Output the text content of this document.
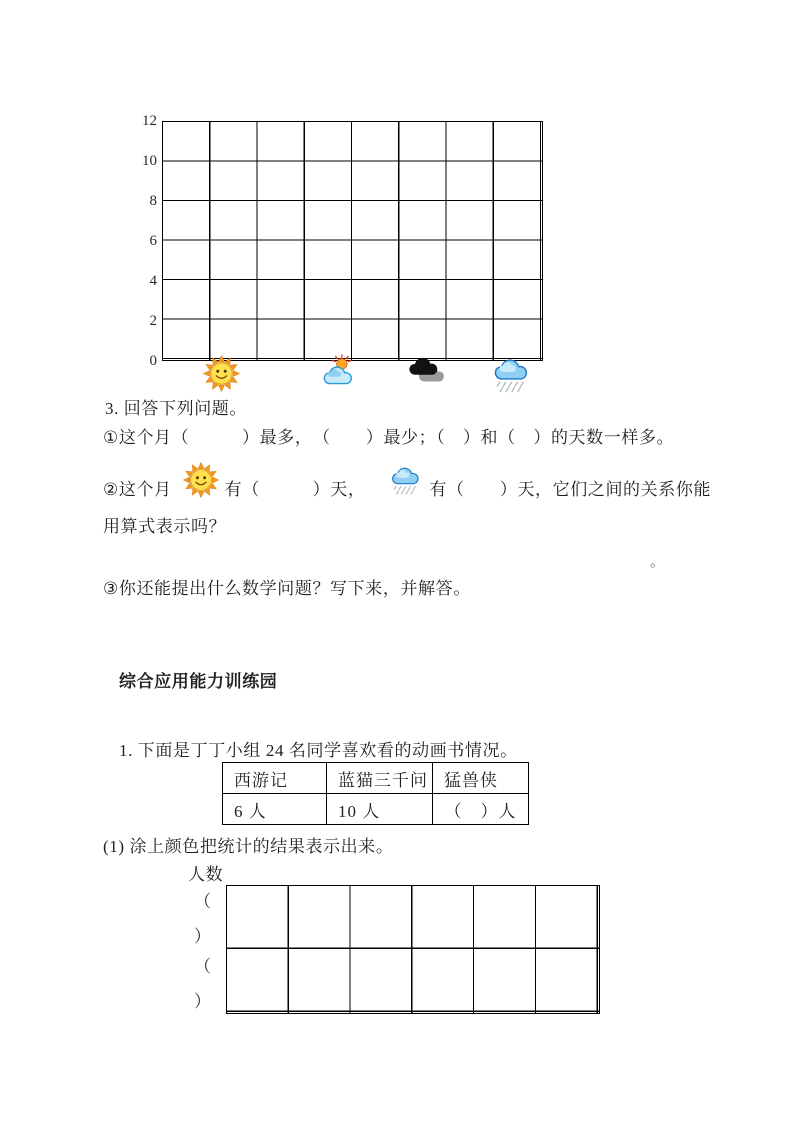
12
10
8
6
4
2
0
3. 回答下列问题。
①这个月（　　　）最多，　（　　）最少；（　）和（　）的天数一样多。
②这个月	有（　　　）天，	有（　　）天，它们之间的关系你能
用算式表示吗？
。
③你还能提出什么数学问题？写下来，并解答。
综合应用能力训练园
1. 下面是丁丁小组 24 名同学喜欢看的动画书情况。
西游记	蓝猫三千问	猛兽侠
6 人	10 人	（　）人
(1) 涂上颜色把统计的结果表示出来。
人数
（
）
（
）
